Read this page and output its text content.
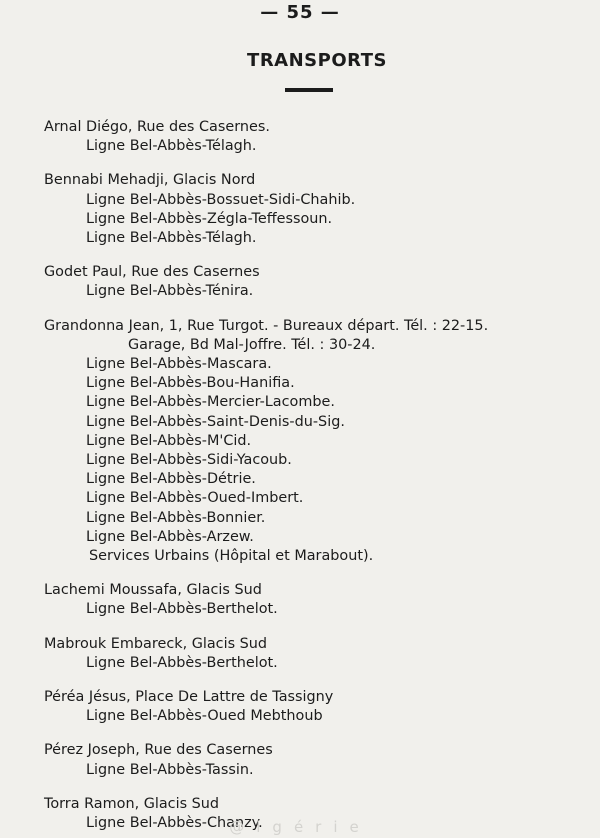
— 55 —
TRANSPORTS
Arnal Diégo, Rue des Casernes.
Ligne Bel-Abbès-Télagh.
Bennabi Mehadji, Glacis Nord
Ligne Bel-Abbès-Bossuet-Sidi-Chahib.
Ligne Bel-Abbès-Zégla-Teffessoun.
Ligne Bel-Abbès-Télagh.
Godet Paul, Rue des Casernes
Ligne Bel-Abbès-Ténira.
Grandonna Jean, 1, Rue Turgot. - Bureaux départ. Tél. : 22-15.
Garage, Bd Mal-Joffre. Tél. : 30-24.
Ligne Bel-Abbès-Mascara.
Ligne Bel-Abbès-Bou-Hanifia.
Ligne Bel-Abbès-Mercier-Lacombe.
Ligne Bel-Abbès-Saint-Denis-du-Sig.
Ligne Bel-Abbès-M'Cid.
Ligne Bel-Abbès-Sidi-Yacoub.
Ligne Bel-Abbès-Détrie.
Ligne Bel-Abbès-Oued-Imbert.
Ligne Bel-Abbès-Bonnier.
Ligne Bel-Abbès-Arzew.
Services Urbains (Hôpital et Marabout).
Lachemi Moussafa, Glacis Sud
Ligne Bel-Abbès-Berthelot.
Mabrouk Embareck, Glacis Sud
Ligne Bel-Abbès-Berthelot.
Péréa Jésus, Place De Lattre de Tassigny
Ligne Bel-Abbès-Oued Mebthoub
Pérez Joseph, Rue des Casernes
Ligne Bel-Abbès-Tassin.
Torra Ramon, Glacis Sud
Ligne Bel-Abbès-Chanzy.
@lgérie
